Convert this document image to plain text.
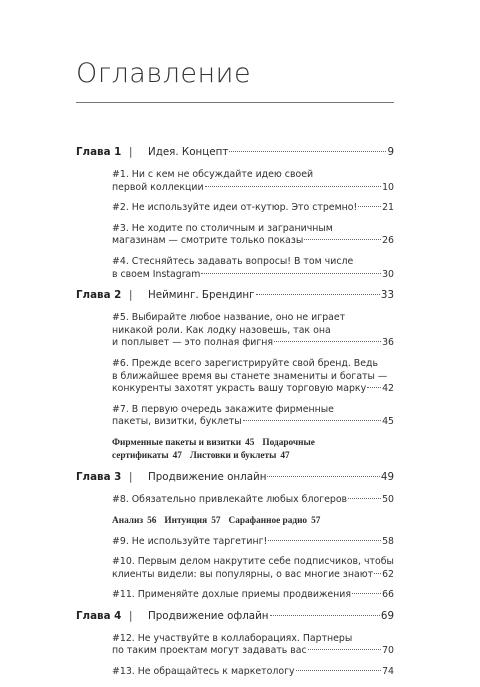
Оглавление
Глава 1 | Идея. Концепт	9
#1. Ни с кем не обсуждайте идею своей
первой коллекции	10
#2. Не используйте идеи от-кутюр. Это стремно!	21
#3. Не ходите по столичным и заграничным
магазинам — смотрите только показы	26
#4. Стесняйтесь задавать вопросы! В том числе
в своем Instagram	30
Глава 2 | Нейминг. Брендинг	33
#5. Выбирайте любое название, оно не играет
никакой роли. Как лодку назовешь, так она
и поплывет — это полная фигня	36
#6. Прежде всего зарегистрируйте свой бренд. Ведь
в ближайшее время вы станете знамениты и богаты —
конкуренты захотят украсть вашу торговую марку 42
#7. В первую очередь закажите фирменные
пакеты, визитки, буклеты	45
Фирменные пакеты и визитки 45 Подарочные
сертификаты 47 Листовки и буклеты 47
Глава 3 | Продвижение онлайн	49
#8. Обязательно привлекайте любых блогеров	50
Анализ 56 Интуиция 57 Сарафанное радио 57
#9. Не используйте таргетинг!	58
#10. Первым делом накрутите себе подписчиков, чтобы
клиенты видели: вы популярны, о вас многие знают 62
#11. Применяйте дохлые приемы продвижения	66
Глава 4 | Продвижение офлайн	69
#12. Не участвуйте в коллаборациях. Партнеры
по таким проектам могут задавать вас	70
#13. Не обращайтесь к маркетологу	74
